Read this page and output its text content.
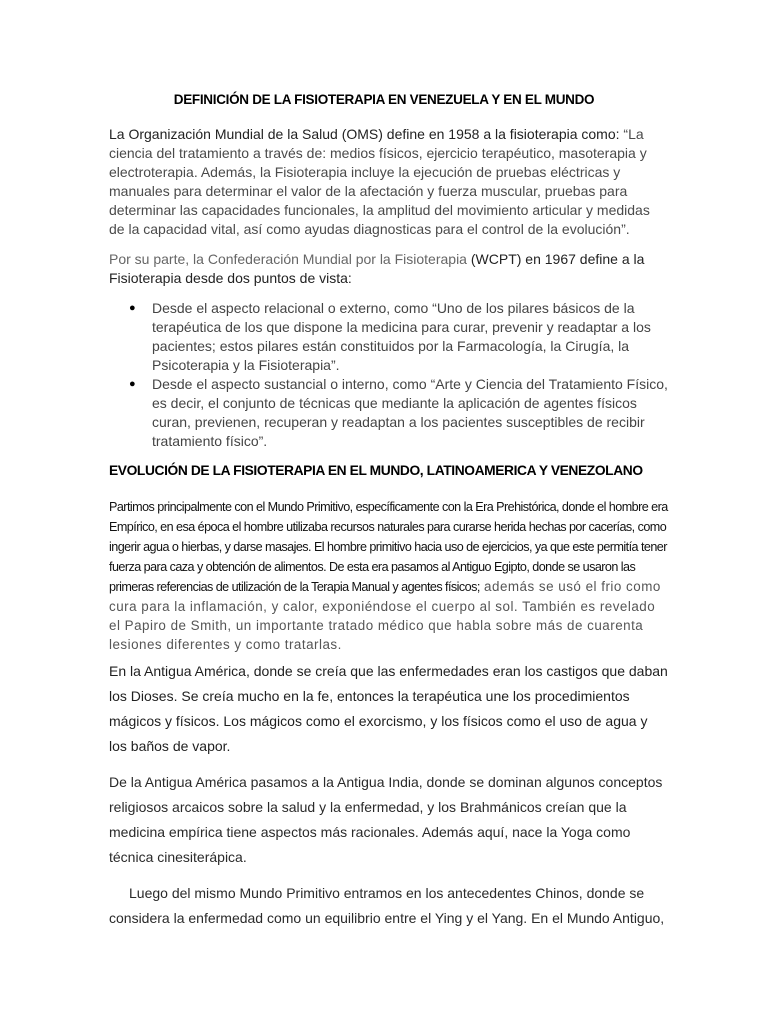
DEFINICIÓN DE LA FISIOTERAPIA EN VENEZUELA Y EN EL MUNDO

La Organización Mundial de la Salud (OMS) define en 1958 a la fisioterapia como: “La ciencia del tratamiento a través de: medios físicos, ejercicio terapéutico, masoterapia y electroterapia. Además, la Fisioterapia incluye la ejecución de pruebas eléctricas y manuales para determinar el valor de la afectación y fuerza muscular, pruebas para determinar las capacidades funcionales, la amplitud del movimiento articular y medidas de la capacidad vital, así como ayudas diagnosticas para el control de la evolución”.

Por su parte, la Confederación Mundial por la Fisioterapia (WCPT) en 1967 define a la Fisioterapia desde dos puntos de vista:

● Desde el aspecto relacional o externo, como “Uno de los pilares básicos de la terapéutica de los que dispone la medicina para curar, prevenir y readaptar a los pacientes; estos pilares están constituidos por la Farmacología, la Cirugía, la Psicoterapia y la Fisioterapia”.
● Desde el aspecto sustancial o interno, como “Arte y Ciencia del Tratamiento Físico, es decir, el conjunto de técnicas que mediante la aplicación de agentes físicos curan, previenen, recuperan y readaptan a los pacientes susceptibles de recibir tratamiento físico”.
EVOLUCIÓN DE LA FISIOTERAPIA EN EL MUNDO, LATINOAMERICA Y VENEZOLANO

Partimos principalmente con el Mundo Primitivo, específicamente con la Era Prehistórica, donde el hombre era Empírico, en esa época el hombre utilizaba recursos naturales para curarse herida hechas por cacerías, como ingerir agua o hierbas, y darse masajes. El hombre primitivo hacia uso de ejercicios, ya que este permitía tener fuerza para caza y obtención de alimentos. De esta era pasamos al Antiguo Egipto, donde se usaron las primeras referencias de utilización de la Terapia Manual y agentes físicos; además se usó el frio como cura para la inflamación, y calor, exponiéndose el cuerpo al sol. También es revelado el Papiro de Smith, un importante tratado médico que habla sobre más de cuarenta lesiones diferentes y como tratarlas.

En la Antigua América, donde se creía que las enfermedades eran los castigos que daban los Dioses. Se creía mucho en la fe, entonces la terapéutica une los procedimientos mágicos y físicos. Los mágicos como el exorcismo, y los físicos como el uso de agua y los baños de vapor.

De la Antigua América pasamos a la Antigua India, donde se dominan algunos conceptos religiosos arcaicos sobre la salud y la enfermedad, y los Brahmánicos creían que la medicina empírica tiene aspectos más racionales. Además aquí, nace la Yoga como técnica cinesiterápica.

Luego del mismo Mundo Primitivo entramos en los antecedentes Chinos, donde se considera la enfermedad como un equilibrio entre el Ying y el Yang. En el Mundo Antiguo,
